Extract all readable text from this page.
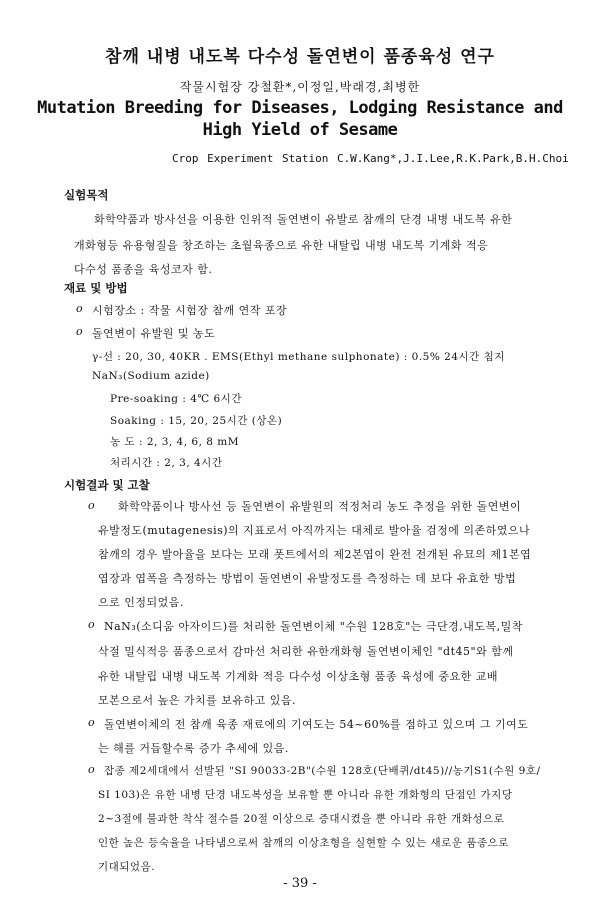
참깨 내병 내도복 다수성 돌연변이 품종육성 연구
작물시험장 강철환*,이정일,박래경,최병한
Mutation Breeding for Diseases, Lodging Resistance and
High Yield of Sesame
Crop Experiment Station C.W.Kang*,J.I.Lee,R.K.Park,B.H.Choi
실험목적
화학약품과 방사선을 이용한 인위적 돌연변이 유발로 참깨의 단경 내병 내도복 유한
개화형등 유용형질을 창조하는 초월육종으로 유한 내탈립 내병 내도복 기계화 적응
다수성 품종을 육성코자 함.
재료 및 방법
o 시험장소 : 작물 시험장 참깨 연작 포장
o 돌연변이 유발원 및 농도
γ-선 : 20, 30, 40KR . EMS(Ethyl methane sulphonate) : 0.5% 24시간 침지
NaN₃(Sodium azide)
Pre-soaking : 4℃ 6시간
Soaking : 15, 20, 25시간 (상온)
농 도 : 2, 3, 4, 6, 8 mM
처리시간 : 2, 3, 4시간
시험결과 및 고찰
o 화학약품이나 방사선 등 돌연변이 유발원의 적정처리 농도 추정을 위한 돌연변이
유발정도(mutagenesis)의 지표로서 아직까지는 대체로 발아율 검정에 의존하였으나
참깨의 경우 발아율을 보다는 모래 폿트에서의 제2본엽이 완전 전개된 유묘의 제1본엽
엽장과 엽폭을 측정하는 방법이 돌연변이 유발정도를 측정하는 데 보다 유효한 방법
으로 인정되었음.
o NaN₃(소디움 아자이드)를 처리한 돌연변이체 "수원 128호"는 극단경,내도복,밀착
삭절 밀식적응 품종으로서 감마선 처리한 유한개화형 돌연변이체인 "dt45"와 함께
유한 내탈립 내병 내도복 기계화 적응 다수성 이상초형 품종 육성에 중요한 교배
모본으로서 높은 가치를 보유하고 있음.
o 돌연변이체의 전 참깨 육종 재료에의 기여도는 54~60%를 점하고 있으며 그 기여도
는 해를 거듭할수록 증가 추세에 있음.
o 잡종 제2세대에서 선발된 "SI 90033-2B"(수원 128호(단배퀴/dt45)//농기S1(수원 9호/
SI 103)은 유한 내병 단경 내도복성을 보유할 뿐 아니라 유한 개화형의 단점인 가지당
2~3절에 불과한 착삭 절수를 20절 이상으로 증대시켰을 뿐 아니라 유한 개화성으로
인한 높은 등숙율을 나타냄으로써 참깨의 이상초형을 실현할 수 있는 새로운 품종으로
기대되었음.
- 39 -
